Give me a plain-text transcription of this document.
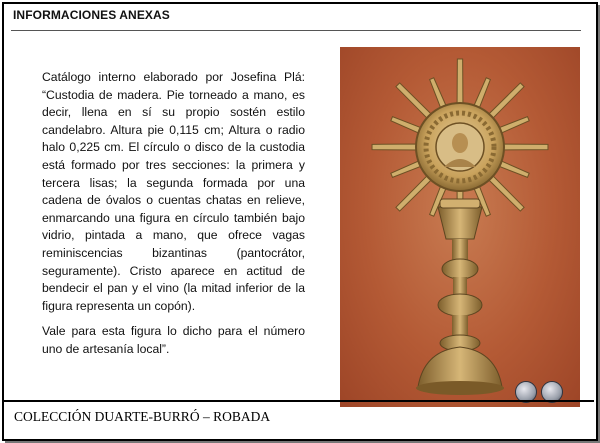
INFORMACIONES ANEXAS

Catálogo interno elaborado por Josefina Plá: “Custodia de madera. Pie torneado a mano, es decir, llena en sí su propio sostén estilo candelabro. Altura pie 0,115 cm; Altura o radio halo 0,225 cm. El círculo o disco de la custodia está formado por tres secciones: la primera y tercera lisas; la segunda formada por una cadena de óvalos o cuentas chatas en relieve, enmarcando una figura en círculo también bajo vidrio, pintada a mano, que ofrece vagas reminiscencias bizantinas (pantocrátor, seguramente). Cristo aparece en actitud de bendecir el pan y el vino (la mitad inferior de la figura representa un copón).

Vale para esta figura lo dicho para el número uno de artesanía local”.

COLECCIÓN DUARTE-BURRÓ – ROBADA
